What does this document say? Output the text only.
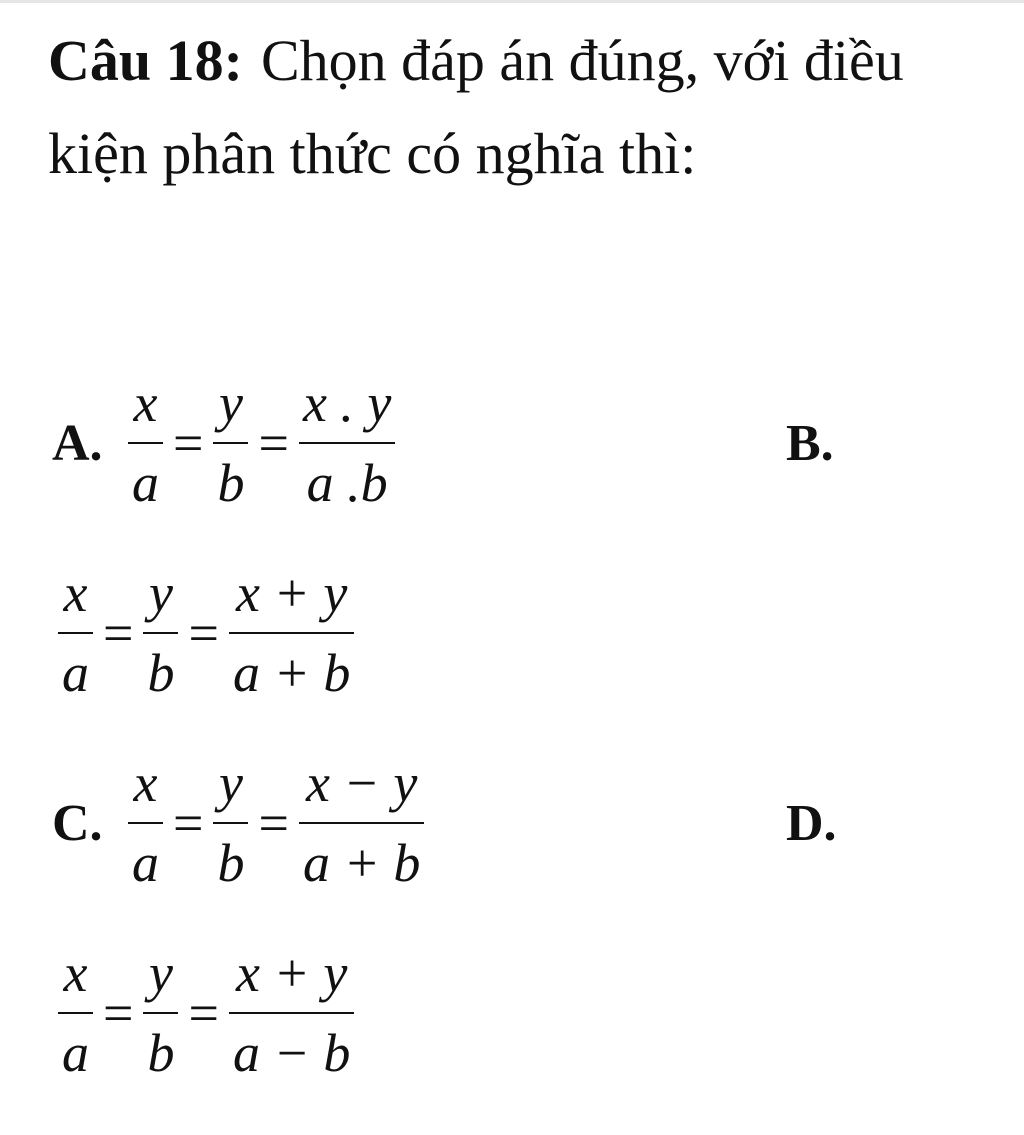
Câu 18: Chọn đáp án đúng, với điều kiện phân thức có nghĩa thì:
A. $\frac{x}{a} = \frac{y}{b} = \frac{x . y}{a .b}$	B.
$\frac{x}{a} = \frac{y}{b} = \frac{x + y}{a + b}$
C. $\frac{x}{a} = \frac{y}{b} = \frac{x - y}{a + b}$	D.
$\frac{x}{a} = \frac{y}{b} = \frac{x + y}{a - b}$
